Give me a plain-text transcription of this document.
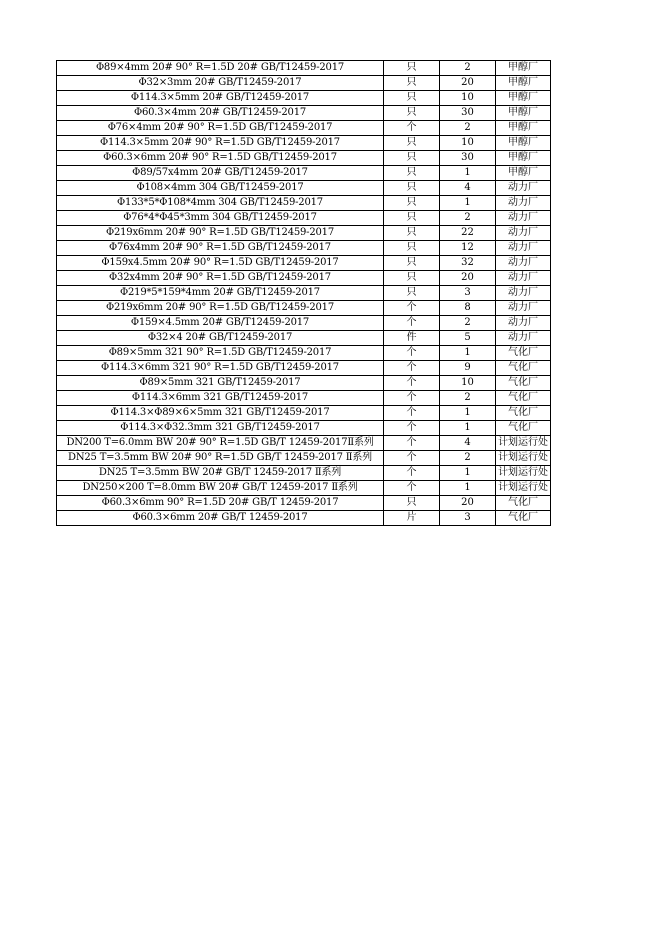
Φ89×4mm 20# 90° R=1.5D 20# GB/T12459-2017	只	2	甲醇厂
Φ32×3mm 20# GB/T12459-2017	只	20	甲醇厂
Φ114.3×5mm 20# GB/T12459-2017	只	10	甲醇厂
Φ60.3×4mm 20# GB/T12459-2017	只	30	甲醇厂
Φ76×4mm 20# 90° R=1.5D GB/T12459-2017	个	2	甲醇厂
Φ114.3×5mm 20# 90° R=1.5D GB/T12459-2017	只	10	甲醇厂
Φ60.3×6mm 20# 90° R=1.5D GB/T12459-2017	只	30	甲醇厂
Φ89/57x4mm 20# GB/T12459-2017	只	1	甲醇厂
Φ108×4mm 304 GB/T12459-2017	只	4	动力厂
Φ133*5*Φ108*4mm 304 GB/T12459-2017	只	1	动力厂
Φ76*4*Φ45*3mm 304 GB/T12459-2017	只	2	动力厂
Φ219x6mm 20# 90° R=1.5D GB/T12459-2017	只	22	动力厂
Φ76x4mm 20# 90° R=1.5D GB/T12459-2017	只	12	动力厂
Φ159x4.5mm 20# 90° R=1.5D GB/T12459-2017	只	32	动力厂
Φ32x4mm 20# 90° R=1.5D GB/T12459-2017	只	20	动力厂
Φ219*5*159*4mm 20# GB/T12459-2017	只	3	动力厂
Φ219x6mm 20# 90° R=1.5D GB/T12459-2017	个	8	动力厂
Φ159×4.5mm 20# GB/T12459-2017	个	2	动力厂
Φ32×4 20# GB/T12459-2017	件	5	动力厂
Φ89×5mm 321 90° R=1.5D GB/T12459-2017	个	1	气化厂
Φ114.3×6mm 321 90° R=1.5D GB/T12459-2017	个	9	气化厂
Φ89×5mm 321 GB/T12459-2017	个	10	气化厂
Φ114.3×6mm 321 GB/T12459-2017	个	2	气化厂
Φ114.3×Φ89×6×5mm 321 GB/T12459-2017	个	1	气化厂
Φ114.3×Φ32.3mm 321 GB/T12459-2017	个	1	气化厂
DN200 T=6.0mm BW 20# 90° R=1.5D GB/T 12459-2017Ⅱ系列	个	4	计划运行处
DN25 T=3.5mm BW 20# 90° R=1.5D GB/T 12459-2017 Ⅱ系列	个	2	计划运行处
DN25 T=3.5mm BW 20# GB/T 12459-2017 Ⅱ系列	个	1	计划运行处
DN250×200 T=8.0mm BW 20# GB/T 12459-2017 Ⅱ系列	个	1	计划运行处
Φ60.3×6mm 90° R=1.5D 20# GB/T 12459-2017	只	20	气化厂
Φ60.3×6mm 20# GB/T 12459-2017	片	3	气化厂
